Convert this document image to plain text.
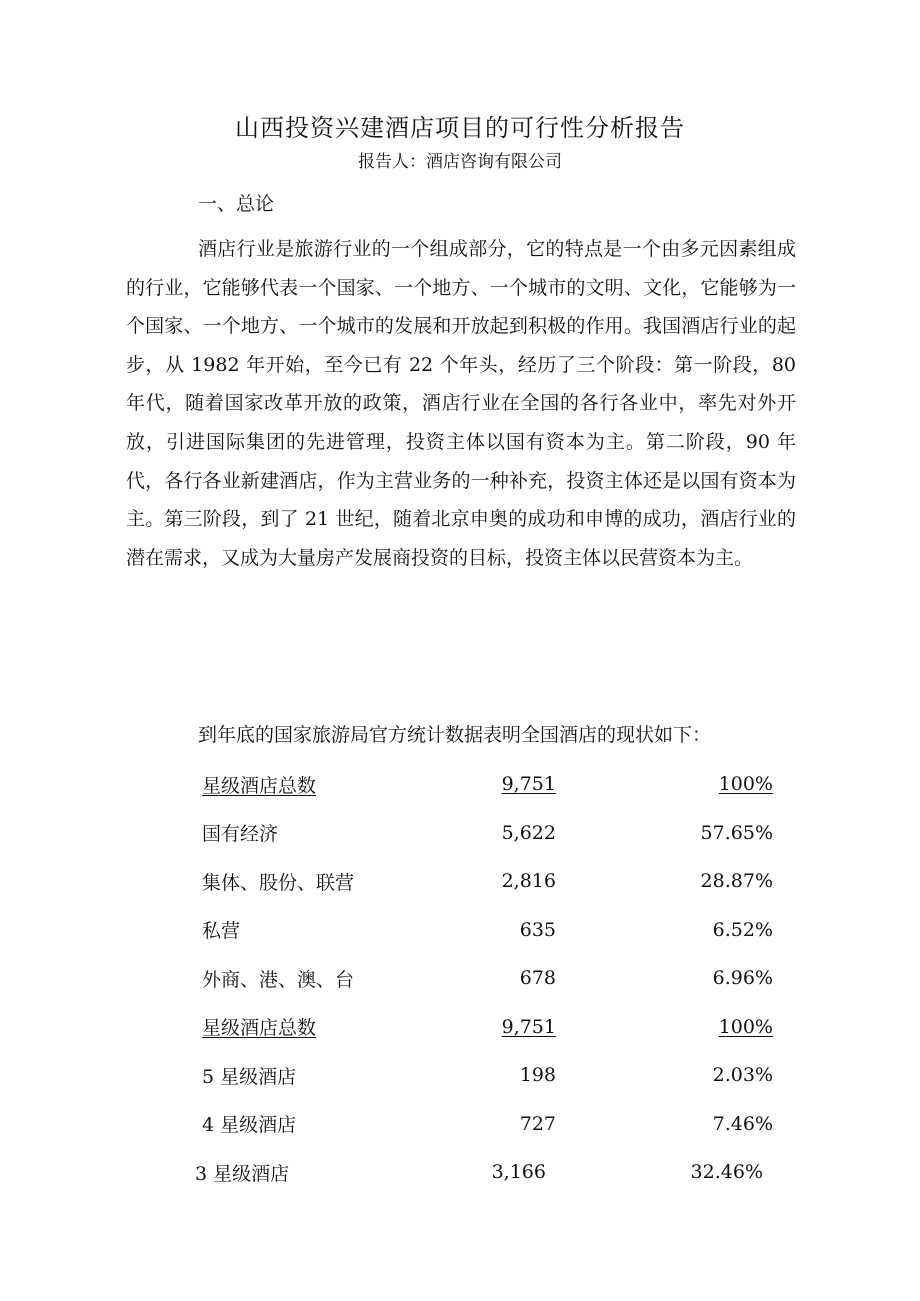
山西投资兴建酒店项目的可行性分析报告
报告人：酒店咨询有限公司
一、总论
酒店行业是旅游行业的一个组成部分，它的特点是一个由多元因素组成的行业，它能够代表一个国家、一个地方、一个城市的文明、文化，它能够为一个国家、一个地方、一个城市的发展和开放起到积极的作用。我国酒店行业的起步，从 1982 年开始，至今已有 22 个年头，经历了三个阶段：第一阶段，80 年代，随着国家改革开放的政策，酒店行业在全国的各行各业中，率先对外开放，引进国际集团的先进管理，投资主体以国有资本为主。第二阶段，90 年代，各行各业新建酒店，作为主营业务的一种补充，投资主体还是以国有资本为主。第三阶段，到了 21 世纪，随着北京申奥的成功和申博的成功，酒店行业的潜在需求，又成为大量房产发展商投资的目标，投资主体以民营资本为主。
到年底的国家旅游局官方统计数据表明全国酒店的现状如下：
星级酒店总数	9,751	100%
国有经济	5,622	57.65%
集体、股份、联营	2,816	28.87%
私营	635	6.52%
外商、港、澳、台	678	6.96%
星级酒店总数	9,751	100%
5 星级酒店	198	2.03%
4 星级酒店	727	7.46%
3 星级酒店	3,166	32.46%
